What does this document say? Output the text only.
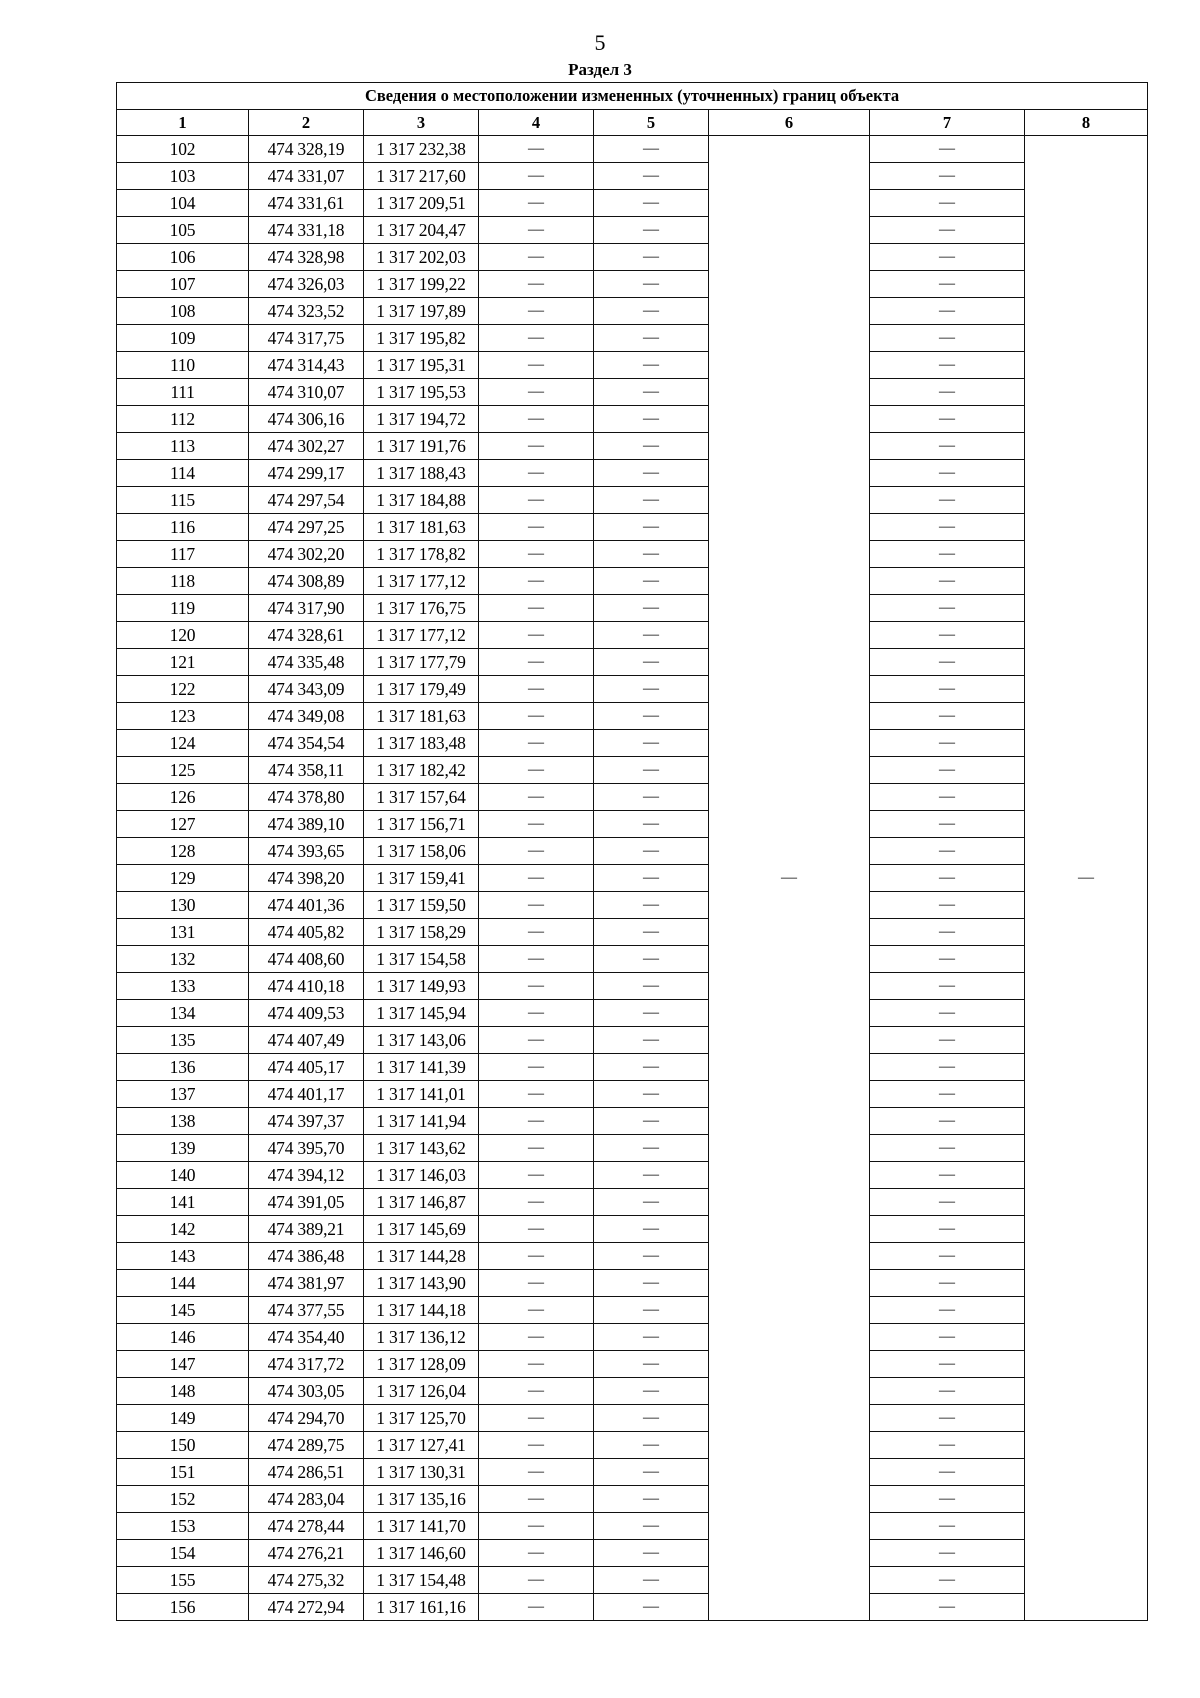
5
Раздел 3
Сведения о местоположении измененных (уточненных) границ объекта							
1	2	3	4	5	6	7	8
102	474 328,19	1 317 232,38	—	—	—	—	—
103	474 331,07	1 317 217,60	—	—		—	
104	474 331,61	1 317 209,51	—	—		—	
105	474 331,18	1 317 204,47	—	—		—	
106	474 328,98	1 317 202,03	—	—		—	
107	474 326,03	1 317 199,22	—	—		—	
108	474 323,52	1 317 197,89	—	—		—	
109	474 317,75	1 317 195,82	—	—		—	
110	474 314,43	1 317 195,31	—	—		—	
111	474 310,07	1 317 195,53	—	—		—	
112	474 306,16	1 317 194,72	—	—		—	
113	474 302,27	1 317 191,76	—	—		—	
114	474 299,17	1 317 188,43	—	—		—	
115	474 297,54	1 317 184,88	—	—		—	
116	474 297,25	1 317 181,63	—	—		—	
117	474 302,20	1 317 178,82	—	—		—	
118	474 308,89	1 317 177,12	—	—		—	
119	474 317,90	1 317 176,75	—	—		—	
120	474 328,61	1 317 177,12	—	—		—	
121	474 335,48	1 317 177,79	—	—		—	
122	474 343,09	1 317 179,49	—	—		—	
123	474 349,08	1 317 181,63	—	—		—	
124	474 354,54	1 317 183,48	—	—		—	
125	474 358,11	1 317 182,42	—	—		—	
126	474 378,80	1 317 157,64	—	—		—	
127	474 389,10	1 317 156,71	—	—		—	
128	474 393,65	1 317 158,06	—	—		—	
129	474 398,20	1 317 159,41	—	—		—	
130	474 401,36	1 317 159,50	—	—		—	
131	474 405,82	1 317 158,29	—	—		—	
132	474 408,60	1 317 154,58	—	—		—	
133	474 410,18	1 317 149,93	—	—		—	
134	474 409,53	1 317 145,94	—	—		—	
135	474 407,49	1 317 143,06	—	—		—	
136	474 405,17	1 317 141,39	—	—		—	
137	474 401,17	1 317 141,01	—	—		—	
138	474 397,37	1 317 141,94	—	—		—	
139	474 395,70	1 317 143,62	—	—		—	
140	474 394,12	1 317 146,03	—	—		—	
141	474 391,05	1 317 146,87	—	—		—	
142	474 389,21	1 317 145,69	—	—		—	
143	474 386,48	1 317 144,28	—	—		—	
144	474 381,97	1 317 143,90	—	—		—	
145	474 377,55	1 317 144,18	—	—		—	
146	474 354,40	1 317 136,12	—	—		—	
147	474 317,72	1 317 128,09	—	—		—	
148	474 303,05	1 317 126,04	—	—		—	
149	474 294,70	1 317 125,70	—	—		—	
150	474 289,75	1 317 127,41	—	—		—	
151	474 286,51	1 317 130,31	—	—		—	
152	474 283,04	1 317 135,16	—	—		—	
153	474 278,44	1 317 141,70	—	—		—	
154	474 276,21	1 317 146,60	—	—		—	
155	474 275,32	1 317 154,48	—	—		—	
156	474 272,94	1 317 161,16	—	—		—	
